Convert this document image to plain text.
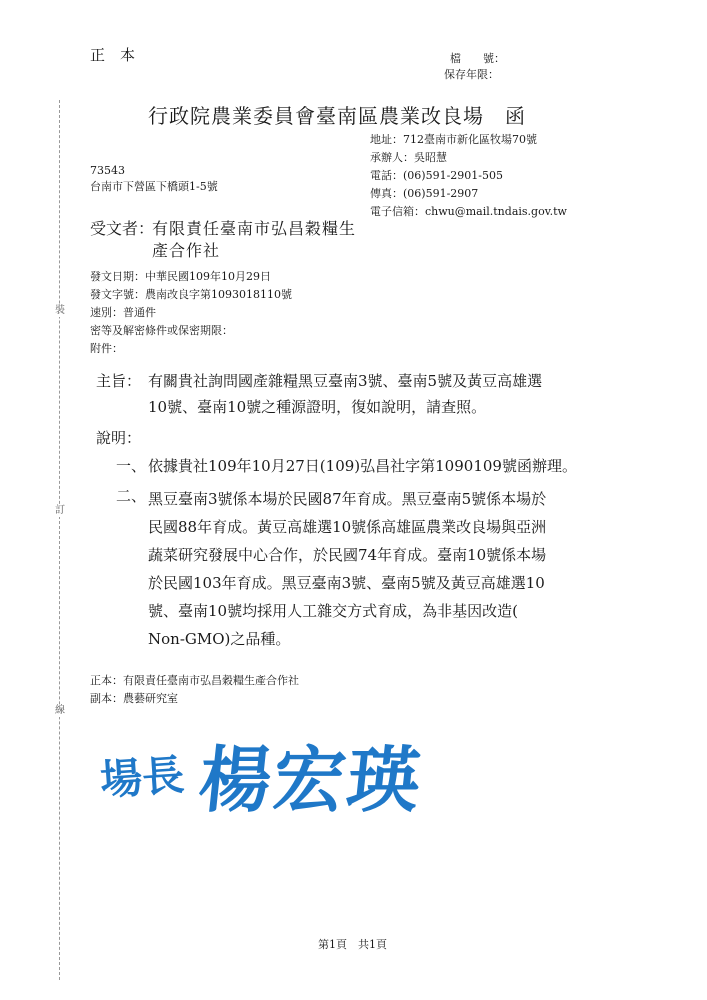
裝
訂
線
正　本	檔　　號：
保存年限：
行政院農業委員會臺南區農業改良場　函
地址：712臺南市新化區牧場70號
承辦人：吳昭慧
電話：(06)591-2901-505
傳真：(06)591-2907
電子信箱：chwu@mail.tndais.gov.tw
73543
台南市下營區下橋頭1-5號
受文者：
有限責任臺南市弘昌穀糧生
產合作社
發文日期：中華民國109年10月29日
發文字號：農南改良字第1093018110號
速別：普通件
密等及解密條件或保密期限：
附件：
主旨： 有關貴社詢問國產雜糧黑豆臺南3號、臺南5號及黃豆高雄選
10號、臺南10號之種源證明，復如說明，請查照。
說明：
一、 依據貴社109年10月27日(109)弘昌社字第1090109號函辦理。
二、 黑豆臺南3號係本場於民國87年育成。黑豆臺南5號係本場於
民國88年育成。黃豆高雄選10號係高雄區農業改良場與亞洲
蔬菜研究發展中心合作，於民國74年育成。臺南10號係本場
於民國103年育成。黑豆臺南3號、臺南5號及黃豆高雄選10
號、臺南10號均採用人工雜交方式育成，為非基因改造(
Non-GMO)之品種。
正本：有限責任臺南市弘昌穀糧生產合作社
副本：農藝研究室
場長 楊宏瑛
第1頁　共1頁
